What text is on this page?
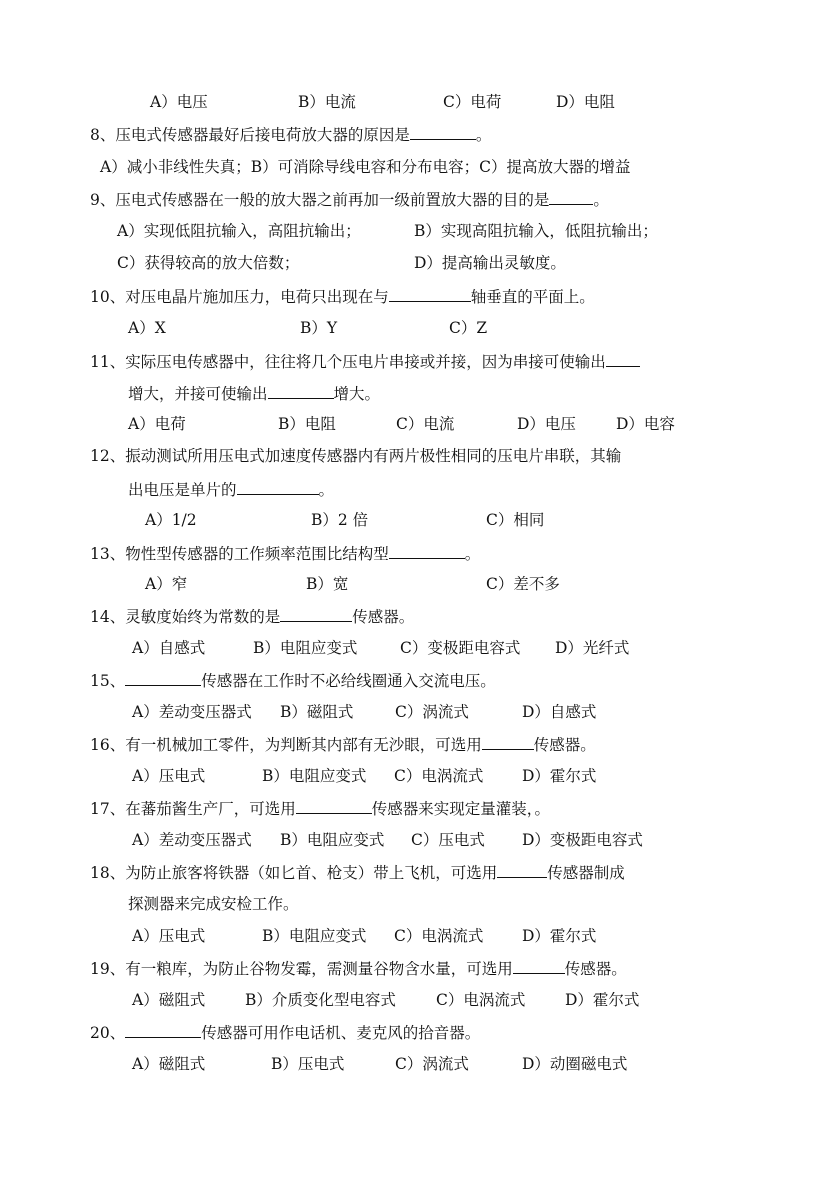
A）电压	B）电流	C）电荷	D）电阻
8、压电式传感器最好后接电荷放大器的原因是	。
A）减小非线性失真；B）可消除导线电容和分布电容；C）提高放大器的增益
9、压电式传感器在一般的放大器之前再加一级前置放大器的目的是	。
A）实现低阻抗输入，高阻抗输出；	B）实现高阻抗输入，低阻抗输出；
C）获得较高的放大倍数；	D）提高输出灵敏度。
10、对压电晶片施加压力，电荷只出现在与	轴垂直的平面上。
A）X	B）Y	C）Z
11、实际压电传感器中，往往将几个压电片串接或并接，因为串接可使输出
增大，并接可使输出	增大。
A）电荷	B）电阻	C）电流	D）电压	D）电容
12、振动测试所用压电式加速度传感器内有两片极性相同的压电片串联，其输
出电压是单片的	。
A）1/2	B）2 倍	C）相同
13、物性型传感器的工作频率范围比结构型	。
A）窄	B）宽	C）差不多
14、灵敏度始终为常数的是	传感器。
A）自感式	B）电阻应变式	C）变极距电容式 D）光纤式
15、	传感器在工作时不必给线圈通入交流电压。
A）差动变压器式 B）磁阻式	C）涡流式	D）自感式
16、有一机械加工零件，为判断其内部有无沙眼，可选用	传感器。
A）压电式	B）电阻应变式 C）电涡流式 D）霍尔式
17、在蕃茄酱生产厂，可选用	传感器来实现定量灌装，。
A）差动变压器式 B）电阻应变式 C）压电式 D）变极距电容式
18、为防止旅客将铁器（如匕首、枪支）带上飞机，可选用	传感器制成
探测器来完成安检工作。
A）压电式	B）电阻应变式 C）电涡流式 D）霍尔式
19、有一粮库，为防止谷物发霉，需测量谷物含水量，可选用	传感器。
A）磁阻式	B）介质变化型电容式	C）电涡流式	D）霍尔式
20、	传感器可用作电话机、麦克风的拾音器。
A）磁阻式	B）压电式	C）涡流式	D）动圈磁电式
